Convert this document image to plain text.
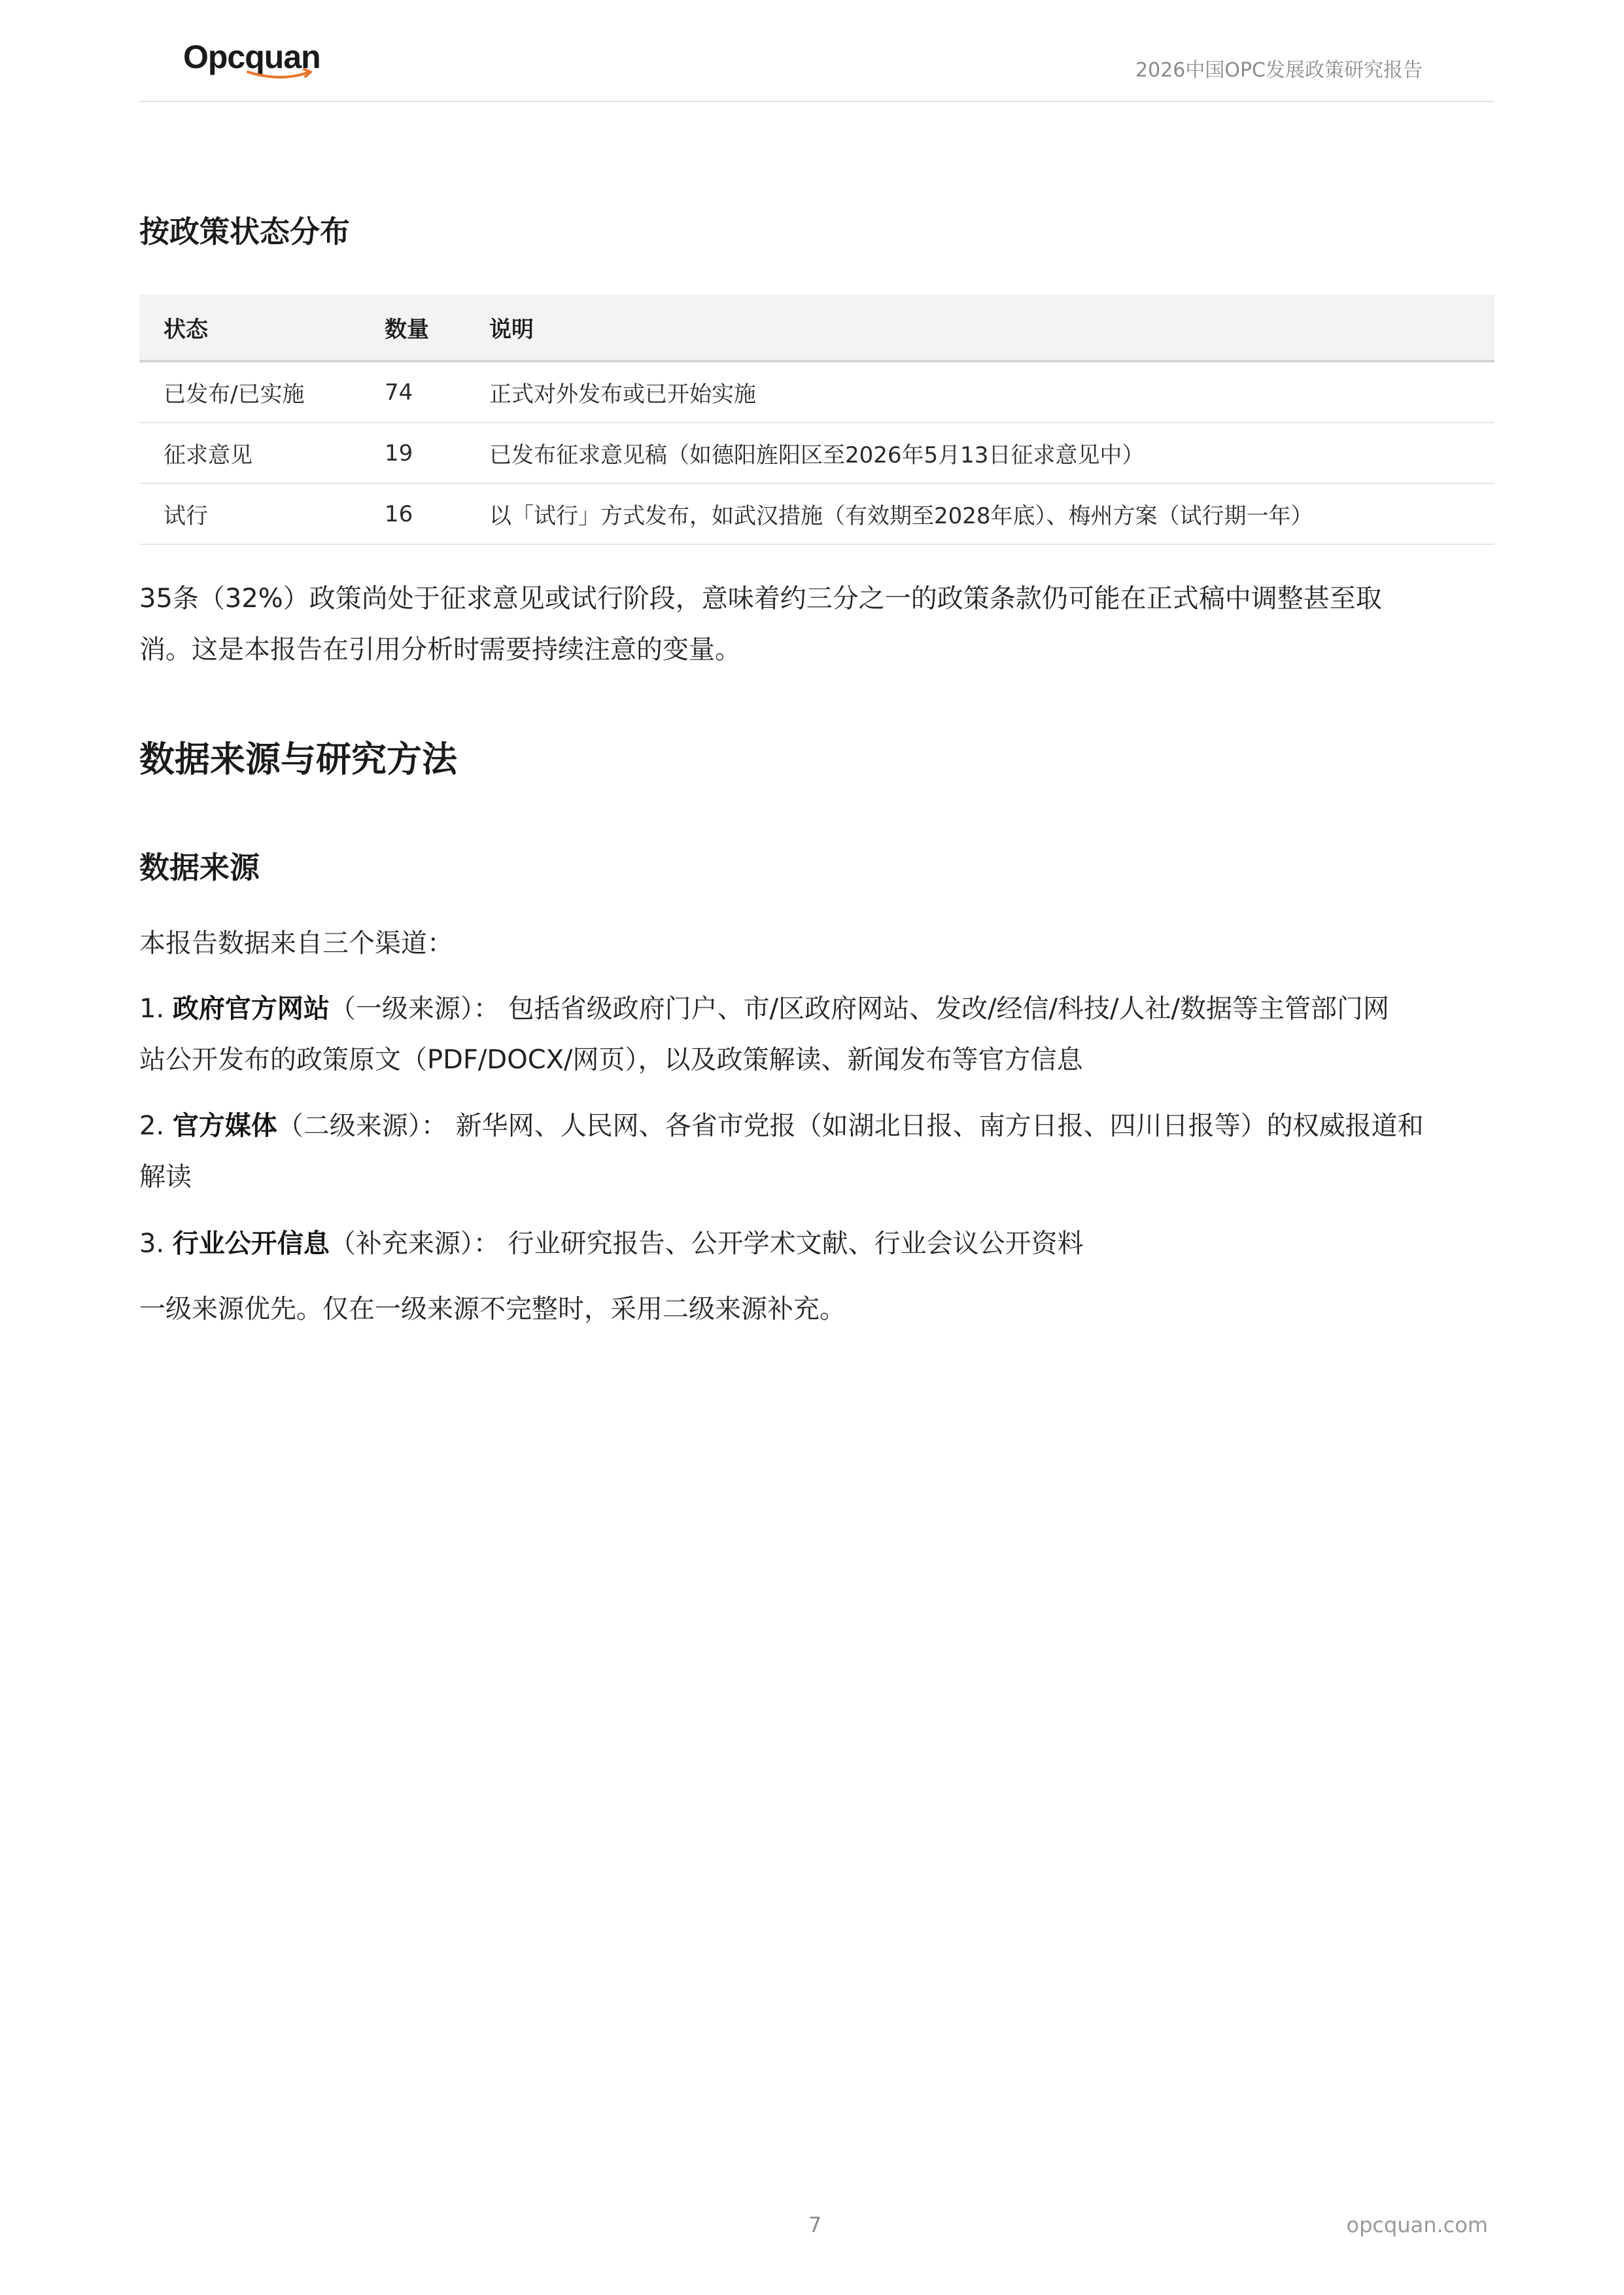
Opcquan	2026中国OPC发展政策研究报告
按政策状态分布
状态	数量	说明
已发布/已实施	74	正式对外发布或已开始实施
征求意见	19	已发布征求意见稿（如德阳旌阳区至2026年5月13日征求意见中）
试行	16	以「试行」方式发布，如武汉措施（有效期至2028年底）、梅州方案（试行期一年）
35条（32%）政策尚处于征求意见或试行阶段，意味着约三分之一的政策条款仍可能在正式稿中调整甚至取
消。这是本报告在引用分析时需要持续注意的变量。
数据来源与研究方法
数据来源
本报告数据来自三个渠道：
1. 政府官方网站（一级来源）： 包括省级政府门户、市/区政府网站、发改/经信/科技/人社/数据等主管部门网
站公开发布的政策原文（PDF/DOCX/网页），以及政策解读、新闻发布等官方信息
2. 官方媒体（二级来源）： 新华网、人民网、各省市党报（如湖北日报、南方日报、四川日报等）的权威报道和
解读
3. 行业公开信息（补充来源）： 行业研究报告、公开学术文献、行业会议公开资料
一级来源优先。仅在一级来源不完整时，采用二级来源补充。
7	opcquan.com
